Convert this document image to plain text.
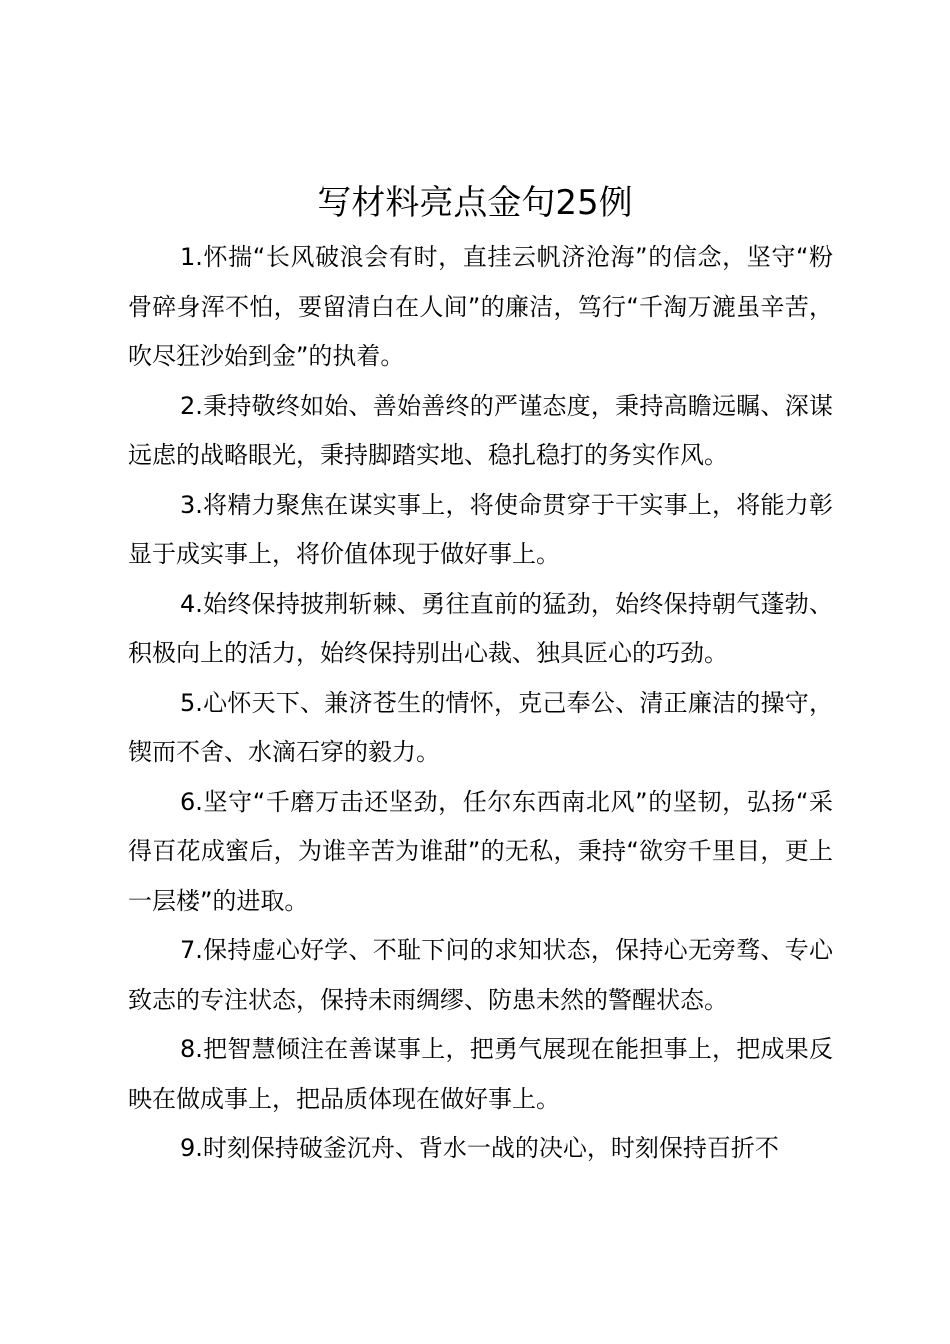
写材料亮点金句25例

1.怀揣“长风破浪会有时，直挂云帆济沧海”的信念，坚守“粉骨碎身浑不怕，要留清白在人间”的廉洁，笃行“千淘万漉虽辛苦，吹尽狂沙始到金”的执着。

2.秉持敬终如始、善始善终的严谨态度，秉持高瞻远瞩、深谋远虑的战略眼光，秉持脚踏实地、稳扎稳打的务实作风。

3.将精力聚焦在谋实事上，将使命贯穿于干实事上，将能力彰显于成实事上，将价值体现于做好事上。

4.始终保持披荆斩棘、勇往直前的猛劲，始终保持朝气蓬勃、积极向上的活力，始终保持别出心裁、独具匠心的巧劲。

5.心怀天下、兼济苍生的情怀，克己奉公、清正廉洁的操守，锲而不舍、水滴石穿的毅力。

6.坚守“千磨万击还坚劲，任尔东西南北风”的坚韧，弘扬“采得百花成蜜后，为谁辛苦为谁甜”的无私，秉持“欲穷千里目，更上一层楼”的进取。

7.保持虚心好学、不耻下问的求知状态，保持心无旁骛、专心致志的专注状态，保持未雨绸缪、防患未然的警醒状态。

8.把智慧倾注在善谋事上，把勇气展现在能担事上，把成果反映在做成事上，把品质体现在做好事上。

9.时刻保持破釜沉舟、背水一战的决心，时刻保持百折不
